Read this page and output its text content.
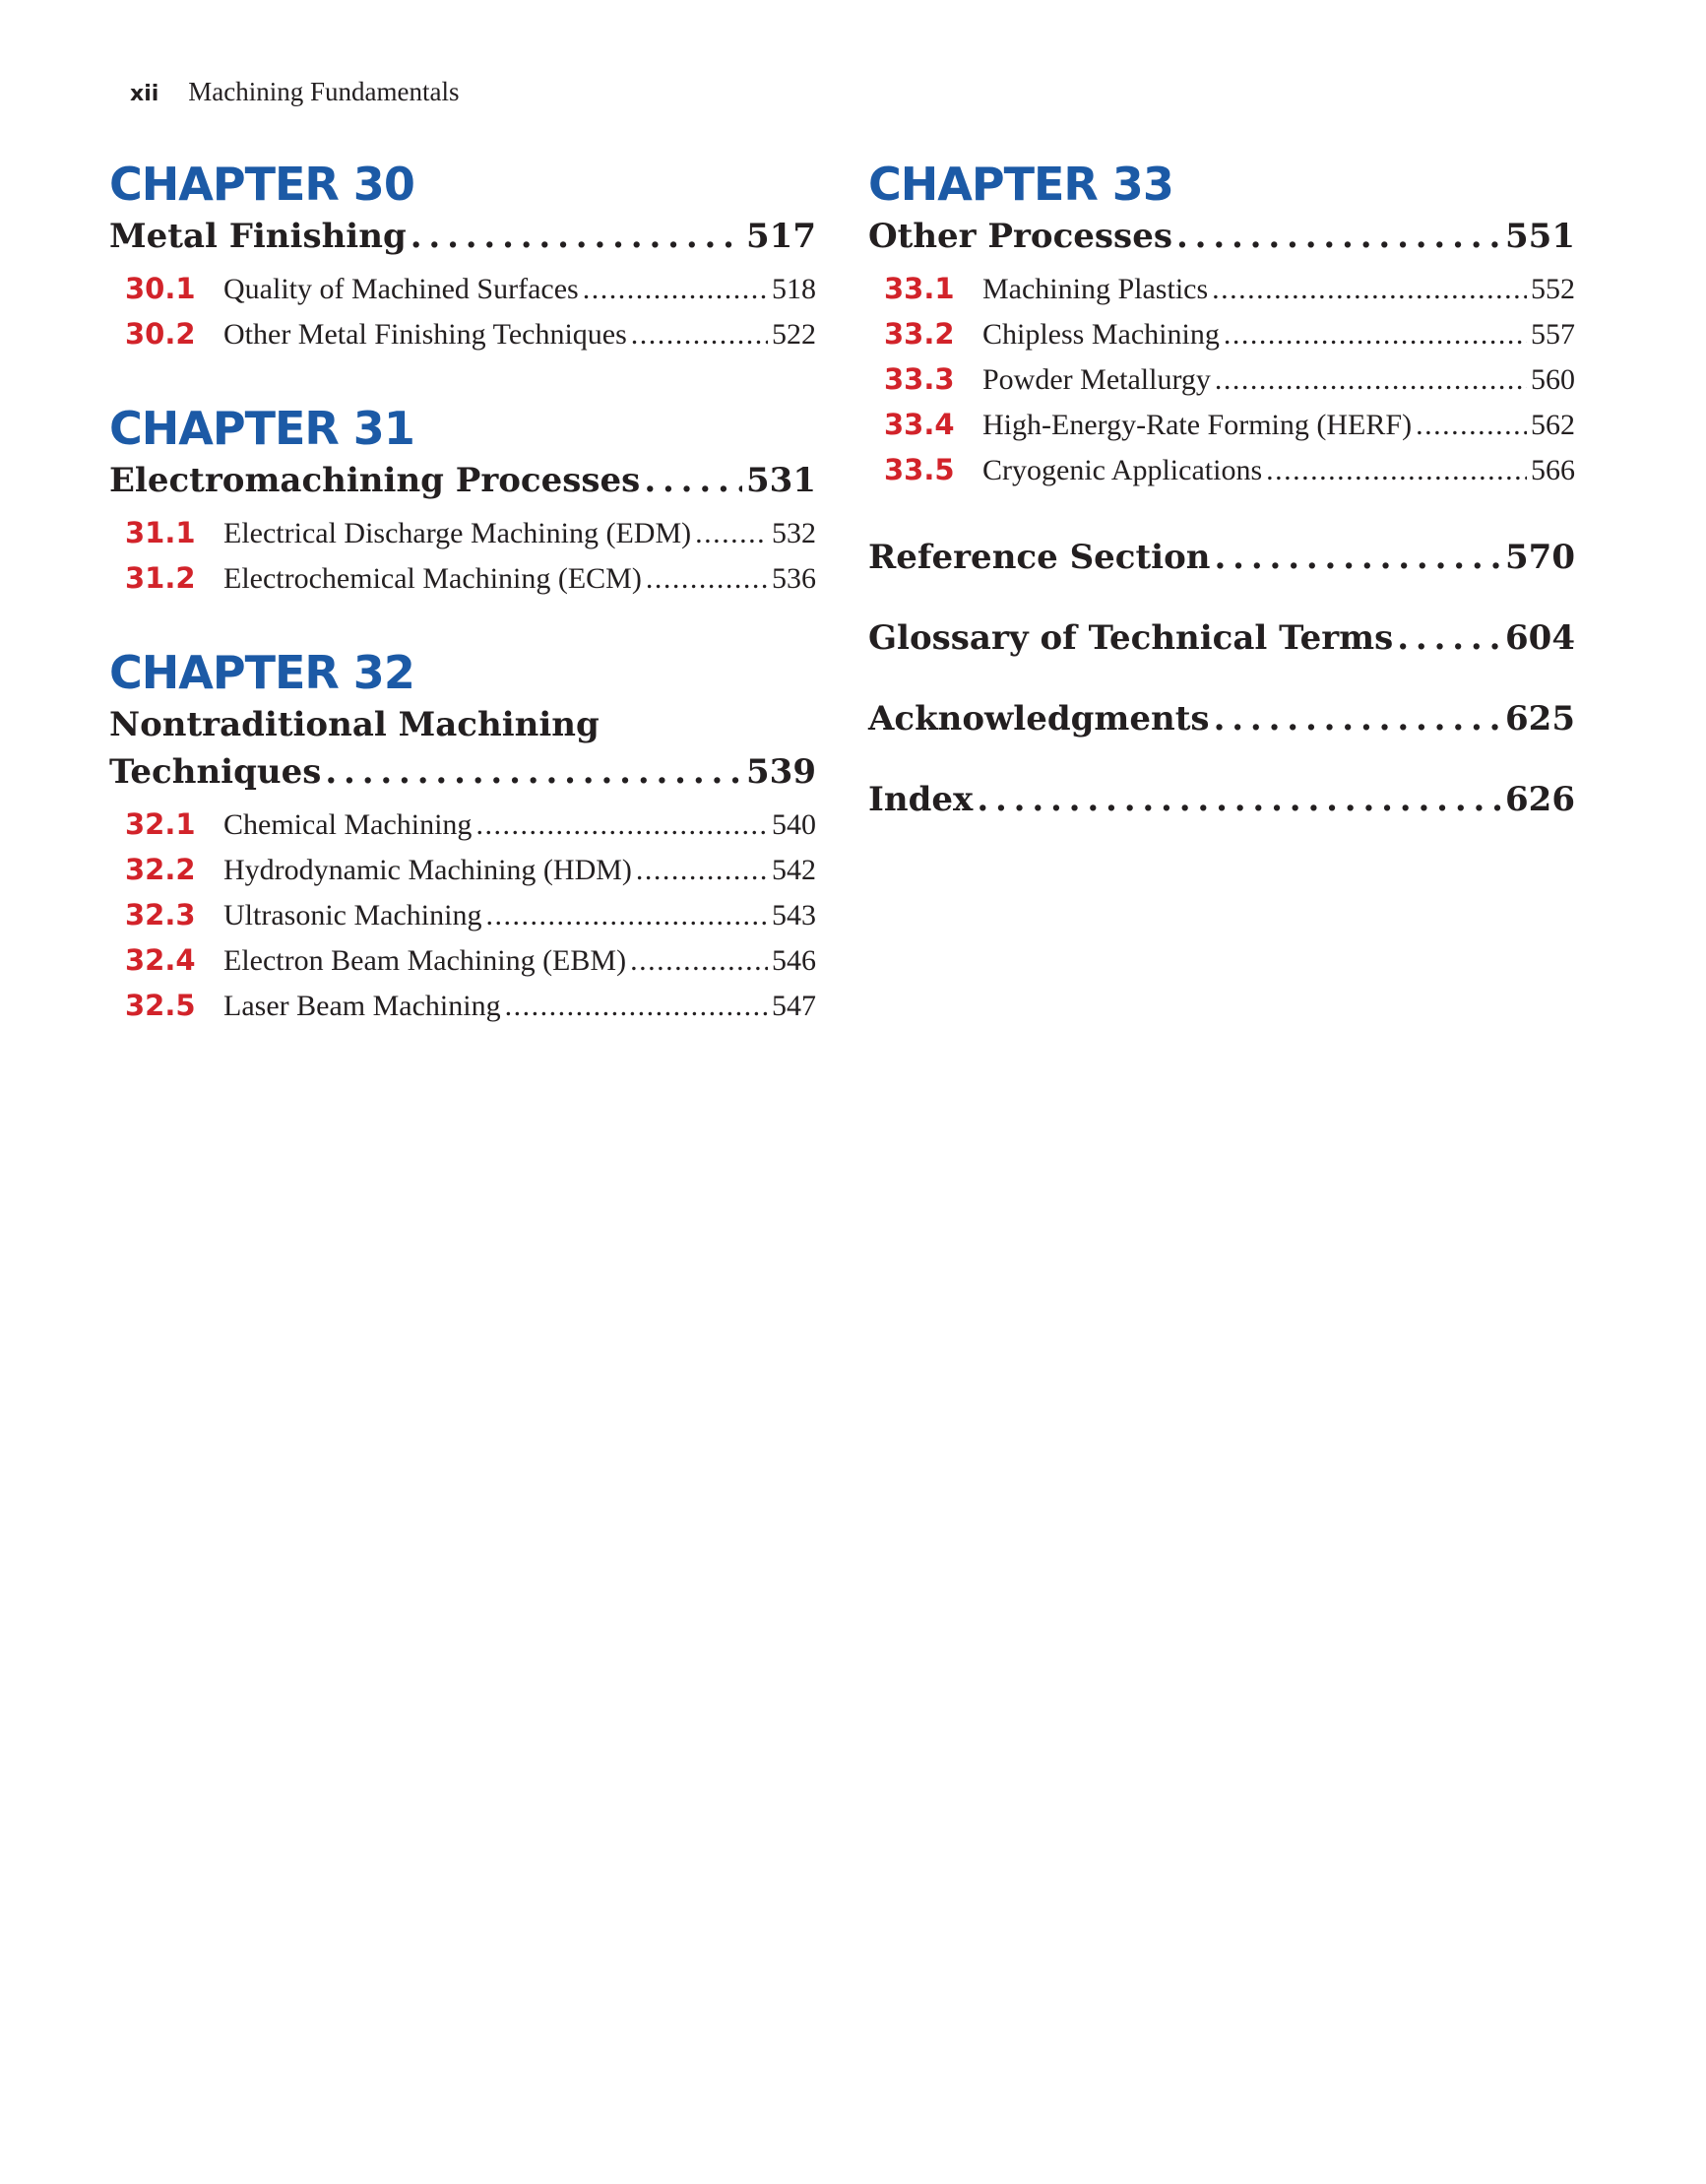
xii Machining Fundamentals
CHAPTER 30
Metal Finishing . . .	517
30.1 Quality of Machined Surfaces . . .	518
30.2 Other Metal Finishing Techniques . . .	522
CHAPTER 31
Electromachining Processes . . .	531
31.1 Electrical Discharge Machining (EDM) . . .	532
31.2 Electrochemical Machining (ECM) . . .	536
CHAPTER 32
Nontraditional Machining
Techniques . . .	539
32.1 Chemical Machining . . .	540
32.2 Hydrodynamic Machining (HDM) . . .	542
32.3 Ultrasonic Machining . . .	543
32.4 Electron Beam Machining (EBM) . . .	546
32.5 Laser Beam Machining . . .	547
CHAPTER 33
Other Processes . . .	551
33.1 Machining Plastics . . .	552
33.2 Chipless Machining . . .	557
33.3 Powder Metallurgy . . .	560
33.4 High-Energy-Rate Forming (HERF) . . .	562
33.5 Cryogenic Applications . . .	566
Reference Section . . .	570
Glossary of Technical Terms . . .	604
Acknowledgments . . .	625
Index . . .	626
